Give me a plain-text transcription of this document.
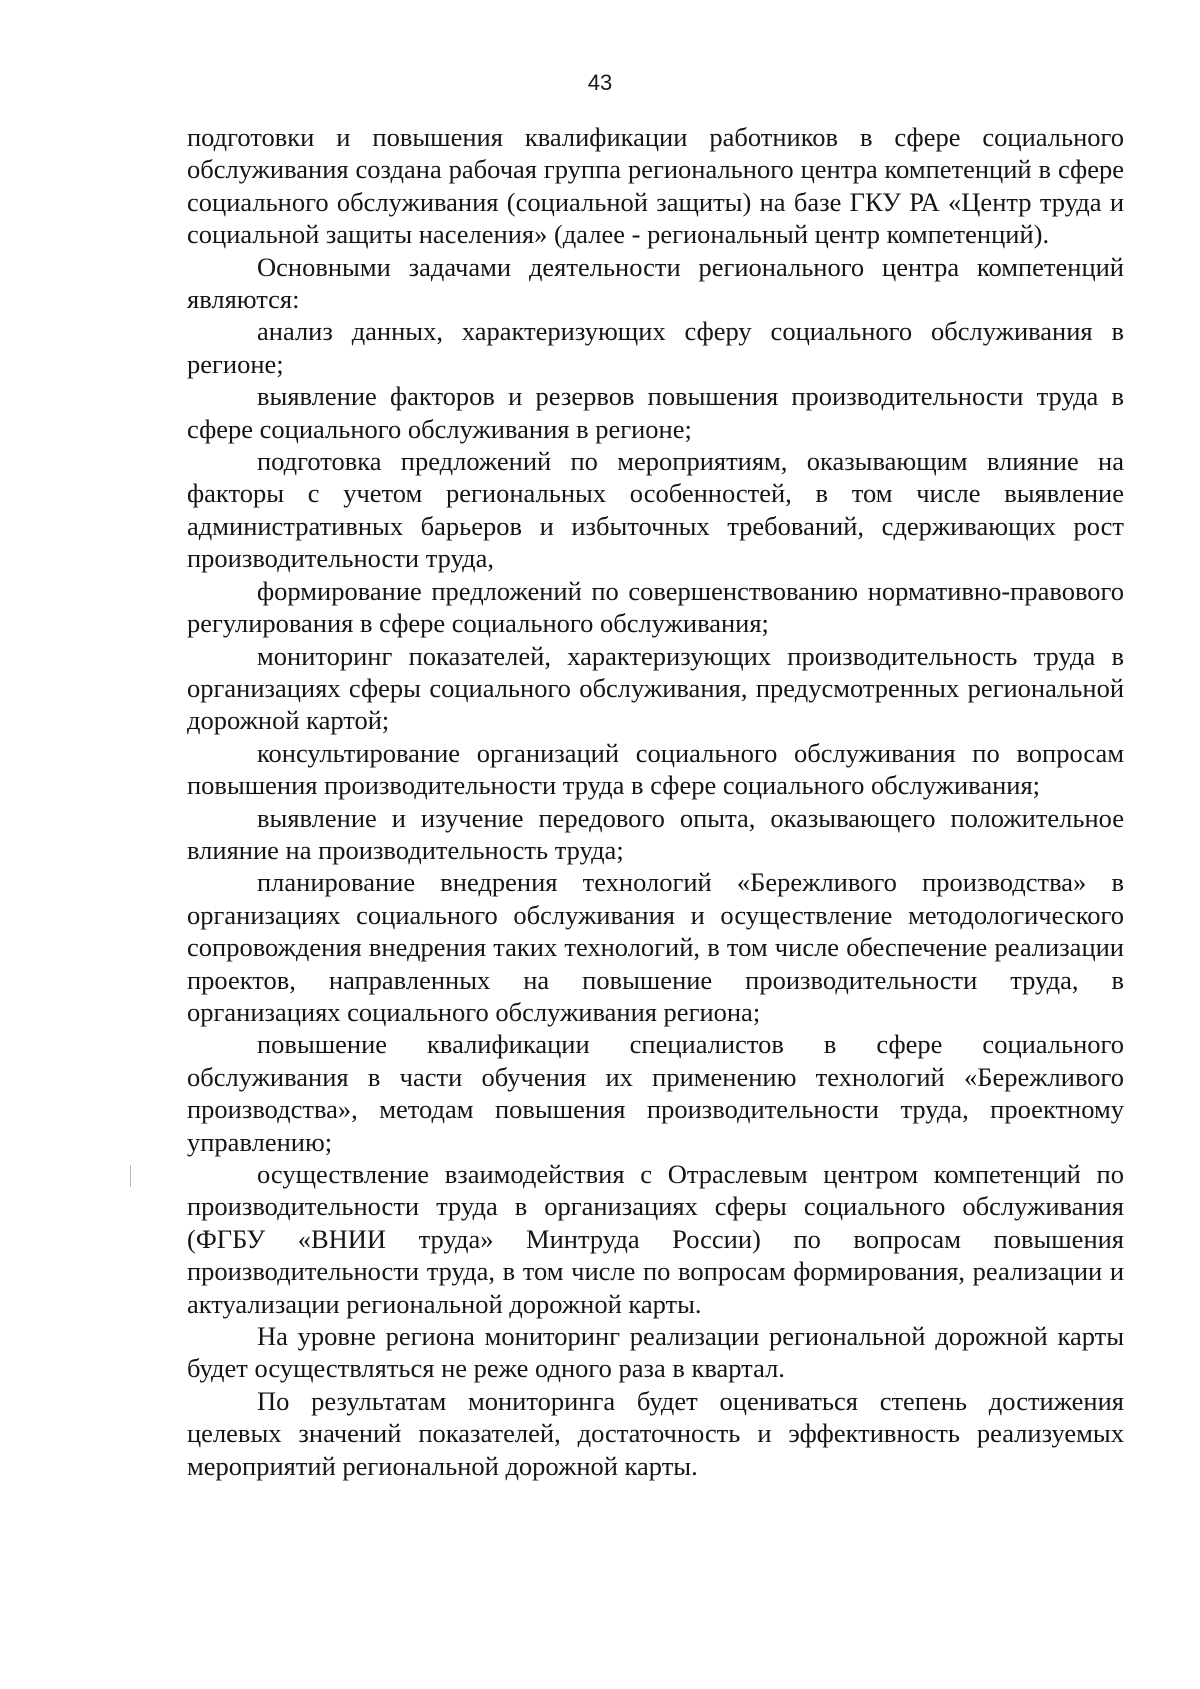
43

подготовки и повышения квалификации работников в сфере социального обслуживания создана рабочая группа регионального центра компетенций в сфере социального обслуживания (социальной защиты) на базе ГКУ РА «Центр труда и социальной защиты населения» (далее - региональный центр компетенций).

Основными задачами деятельности регионального центра компетенций являются:

анализ данных, характеризующих сферу социального обслуживания в регионе;

выявление факторов и резервов повышения производительности труда в сфере социального обслуживания в регионе;

подготовка предложений по мероприятиям, оказывающим влияние на факторы с учетом региональных особенностей, в том числе выявление административных барьеров и избыточных требований, сдерживающих рост производительности труда,

формирование предложений по совершенствованию нормативно-правового регулирования в сфере социального обслуживания;

мониторинг показателей, характеризующих производительность труда в организациях сферы социального обслуживания, предусмотренных региональной дорожной картой;

консультирование организаций социального обслуживания по вопросам повышения производительности труда в сфере социального обслуживания;

выявление и изучение передового опыта, оказывающего положительное влияние на производительность труда;

планирование внедрения технологий «Бережливого производства» в организациях социального обслуживания и осуществление методологического сопровождения внедрения таких технологий, в том числе обеспечение реализации проектов, направленных на повышение производительности труда, в организациях социального обслуживания региона;

повышение квалификации специалистов в сфере социального обслуживания в части обучения их применению технологий «Бережливого производства», методам повышения производительности труда, проектному управлению;

осуществление взаимодействия с Отраслевым центром компетенций по производительности труда в организациях сферы социального обслуживания (ФГБУ «ВНИИ труда» Минтруда России) по вопросам повышения производительности труда, в том числе по вопросам формирования, реализации и актуализации региональной дорожной карты.

На уровне региона мониторинг реализации региональной дорожной карты будет осуществляться не реже одного раза в квартал.

По результатам мониторинга будет оцениваться степень достижения целевых значений показателей, достаточность и эффективность реализуемых мероприятий региональной дорожной карты.
